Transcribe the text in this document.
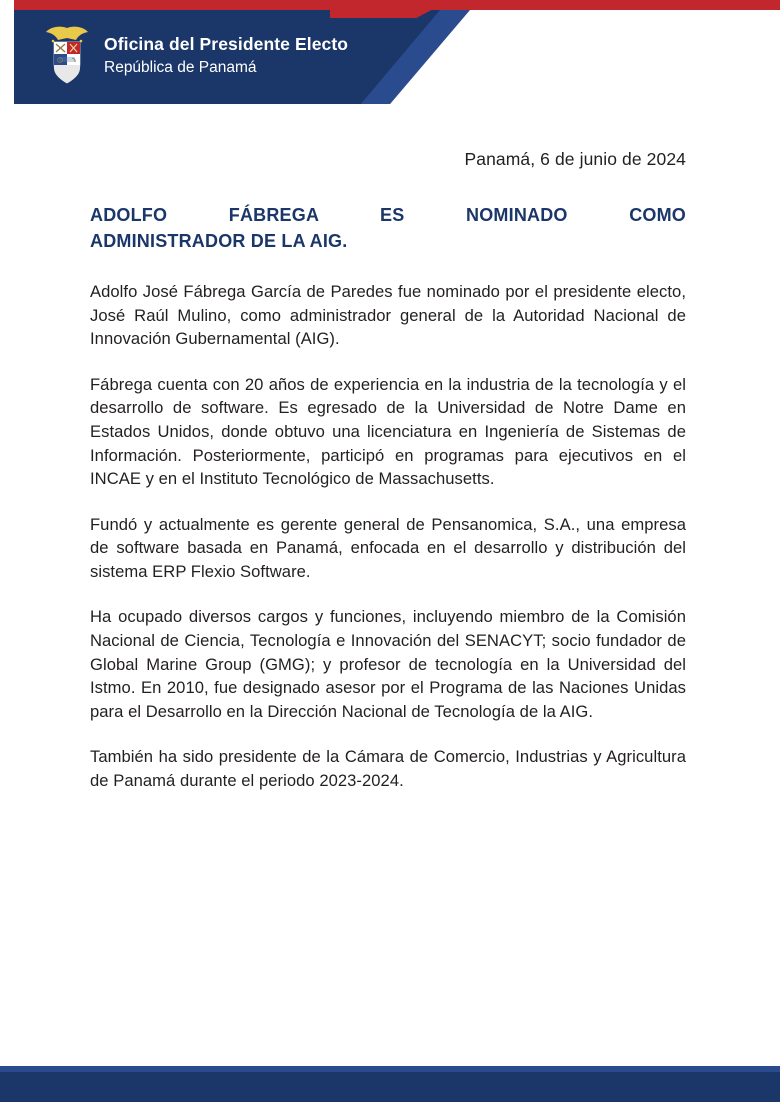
Oficina del Presidente Electo
República de Panamá
Panamá, 6 de junio de 2024
ADOLFO FÁBREGA ES NOMINADO COMO
ADMINISTRADOR DE LA AIG.

Adolfo José Fábrega García de Paredes fue nominado por el presidente electo, José Raúl Mulino, como administrador general de la Autoridad Nacional de Innovación Gubernamental (AIG).

Fábrega cuenta con 20 años de experiencia en la industria de la tecnología y el desarrollo de software. Es egresado de la Universidad de Notre Dame en Estados Unidos, donde obtuvo una licenciatura en Ingeniería de Sistemas de Información. Posteriormente, participó en programas para ejecutivos en el INCAE y en el Instituto Tecnológico de Massachusetts.

Fundó y actualmente es gerente general de Pensanomica, S.A., una empresa de software basada en Panamá, enfocada en el desarrollo y distribución del sistema ERP Flexio Software.

Ha ocupado diversos cargos y funciones, incluyendo miembro de la Comisión Nacional de Ciencia, Tecnología e Innovación del SENACYT; socio fundador de Global Marine Group (GMG); y profesor de tecnología en la Universidad del Istmo. En 2010, fue designado asesor por el Programa de las Naciones Unidas para el Desarrollo en la Dirección Nacional de Tecnología de la AIG.

También ha sido presidente de la Cámara de Comercio, Industrias y Agricultura de Panamá durante el periodo 2023-2024.
